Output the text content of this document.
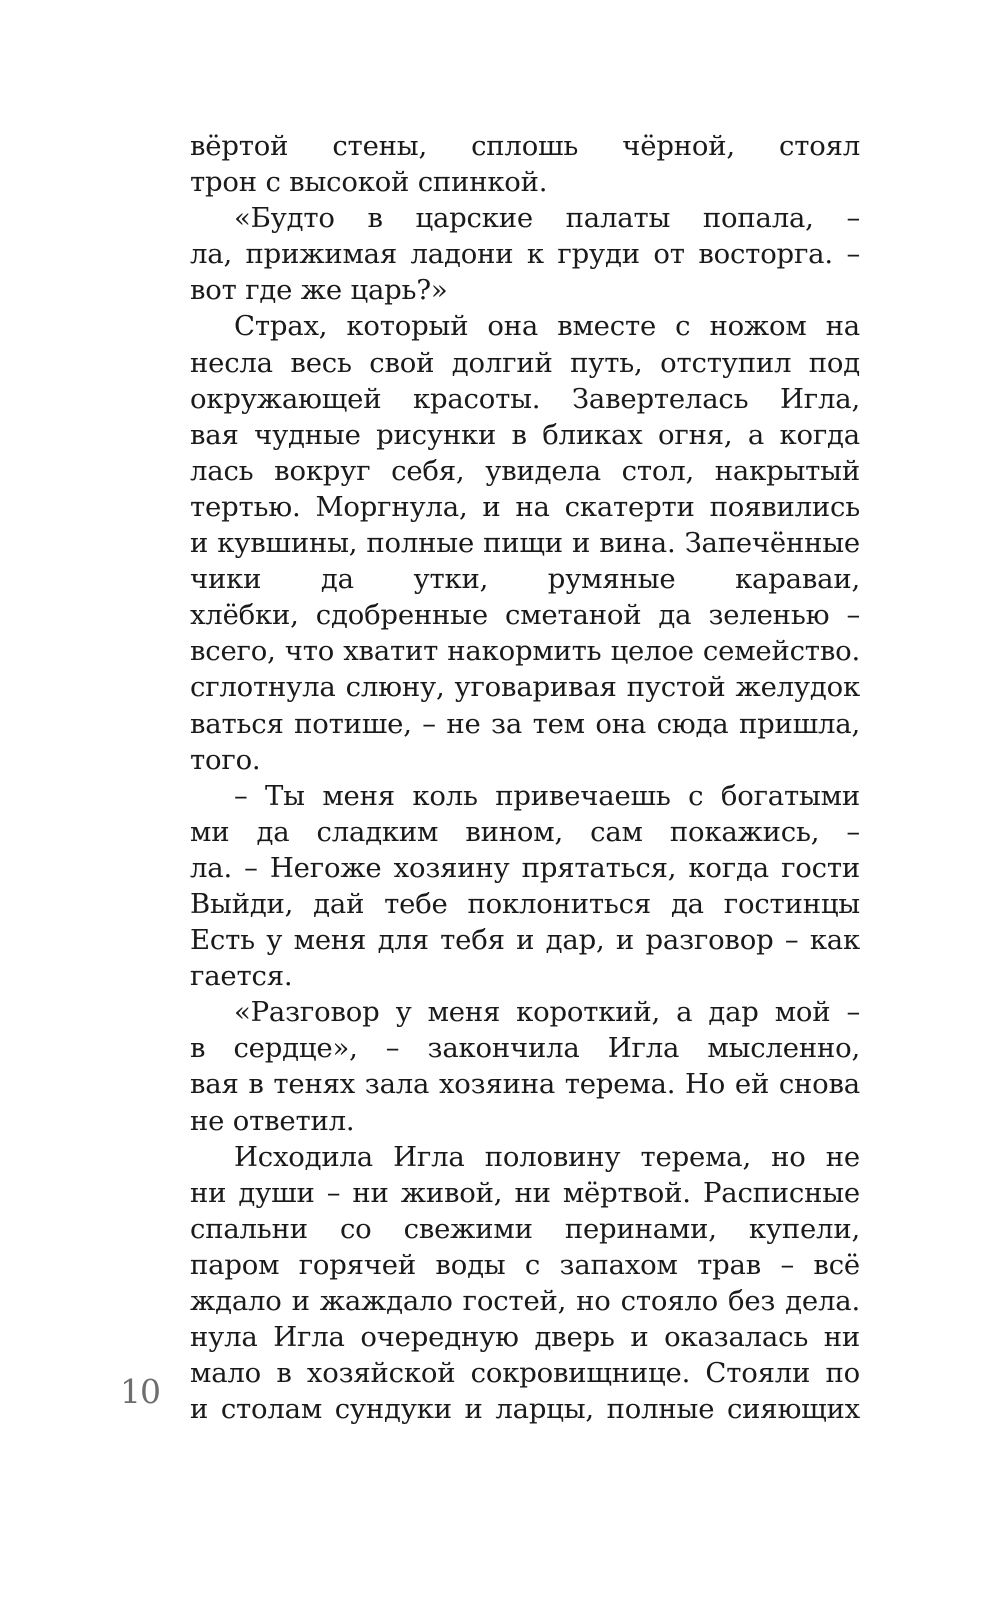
вёртой стены, сплошь чёрной, стоял
трон с высокой спинкой.
«Будто в царские палаты попала, –
ла, прижимая ладони к груди от восторга. –
вот где же царь?»
Страх, который она вместе с ножом на
несла весь свой долгий путь, отступил под
окружающей красоты. Завертелась Игла,
вая чудные рисунки в бликах огня, а когда
лась вокруг себя, увидела стол, накрытый
тертью. Моргнула, и на скатерти появились
и кувшины, полные пищи и вина. Запечённые
чики да утки, румяные караваи,
хлёбки, сдобренные сметаной да зеленью –
всего, что хватит накормить целое семейство.
сглотнула слюну, уговаривая пустой желудок
ваться потише, – не за тем она сюда пришла,
того.
– Ты меня коль привечаешь с богатыми
ми да сладким вином, сам покажись, –
ла. – Негоже хозяину прятаться, когда гости
Выйди, дай тебе поклониться да гостинцы
Есть у меня для тебя и дар, и разговор – как
гается.
«Разговор у меня короткий, а дар мой –
в сердце», – закончила Игла мысленно,
вая в тенях зала хозяина терема. Но ей снова
не ответил.
Исходила Игла половину терема, но не
ни души – ни живой, ни мёртвой. Расписные
спальни со свежими перинами, купели,
паром горячей воды с запахом трав – всё
ждало и жаждало гостей, но стояло без дела.
нула Игла очередную дверь и оказалась ни
мало в хозяйской сокровищнице. Стояли по
и столам сундуки и ларцы, полные сияющих
10
